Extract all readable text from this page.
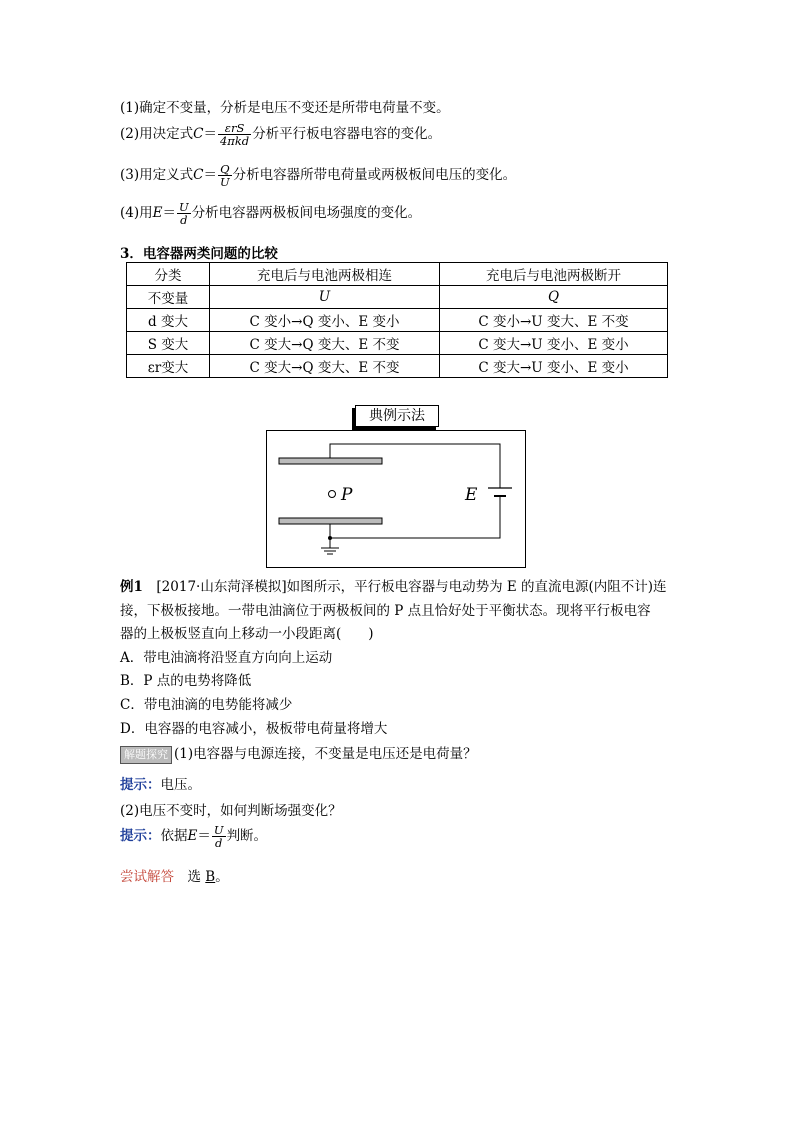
(1)确定不变量，分析是电压不变还是所带电荷量不变。
(2)用决定式$C= \frac{\text{εrS}}{\text{4πkd}}$ 分析平行板电容器电容的变化。
(3)用定义式$C= \frac{Q}{U}$ 分析电容器所带电荷量或两极板间电压的变化。
(4)用$E= \frac{U}{d}$ 分析电容器两极板间电场强度的变化。
3．电容器两类问题的比较
分类	充电后与电池两极相连	充电后与电池两极断开
不变量	U	Q
d 变大	C 变小→Q 变小、E 变小	C 变小→U 变大、E 不变
S 变大	C 变大→Q 变大、E 不变	C 变大→U 变小、E 变小
εr变大	C 变大→Q 变大、E 不变	C 变大→U 变小、E 变小
典例示法
P	E
例1　 [2017·山东菏泽模拟]如图所示，平行板电容器与电动势为 E 的直流电源(内阻不计)连
接，下极板接地。一带电油滴位于两极板间的 P 点且恰好处于平衡状态。现将平行板电容
器的上极板竖直向上移动一小段距离(　　)
A．带电油滴将沿竖直方向向上运动
B．P 点的电势将降低
C．带电油滴的电势能将减少
D．电容器的电容减小，极板带电荷量将增大
解题探究 (1)电容器与电源连接，不变量是电压还是电荷量？
提示：电压。
(2)电压不变时，如何判断场强变化？
提示：依据$E= \frac{U}{d}$ 判断。
尝试解答　 选 B。
